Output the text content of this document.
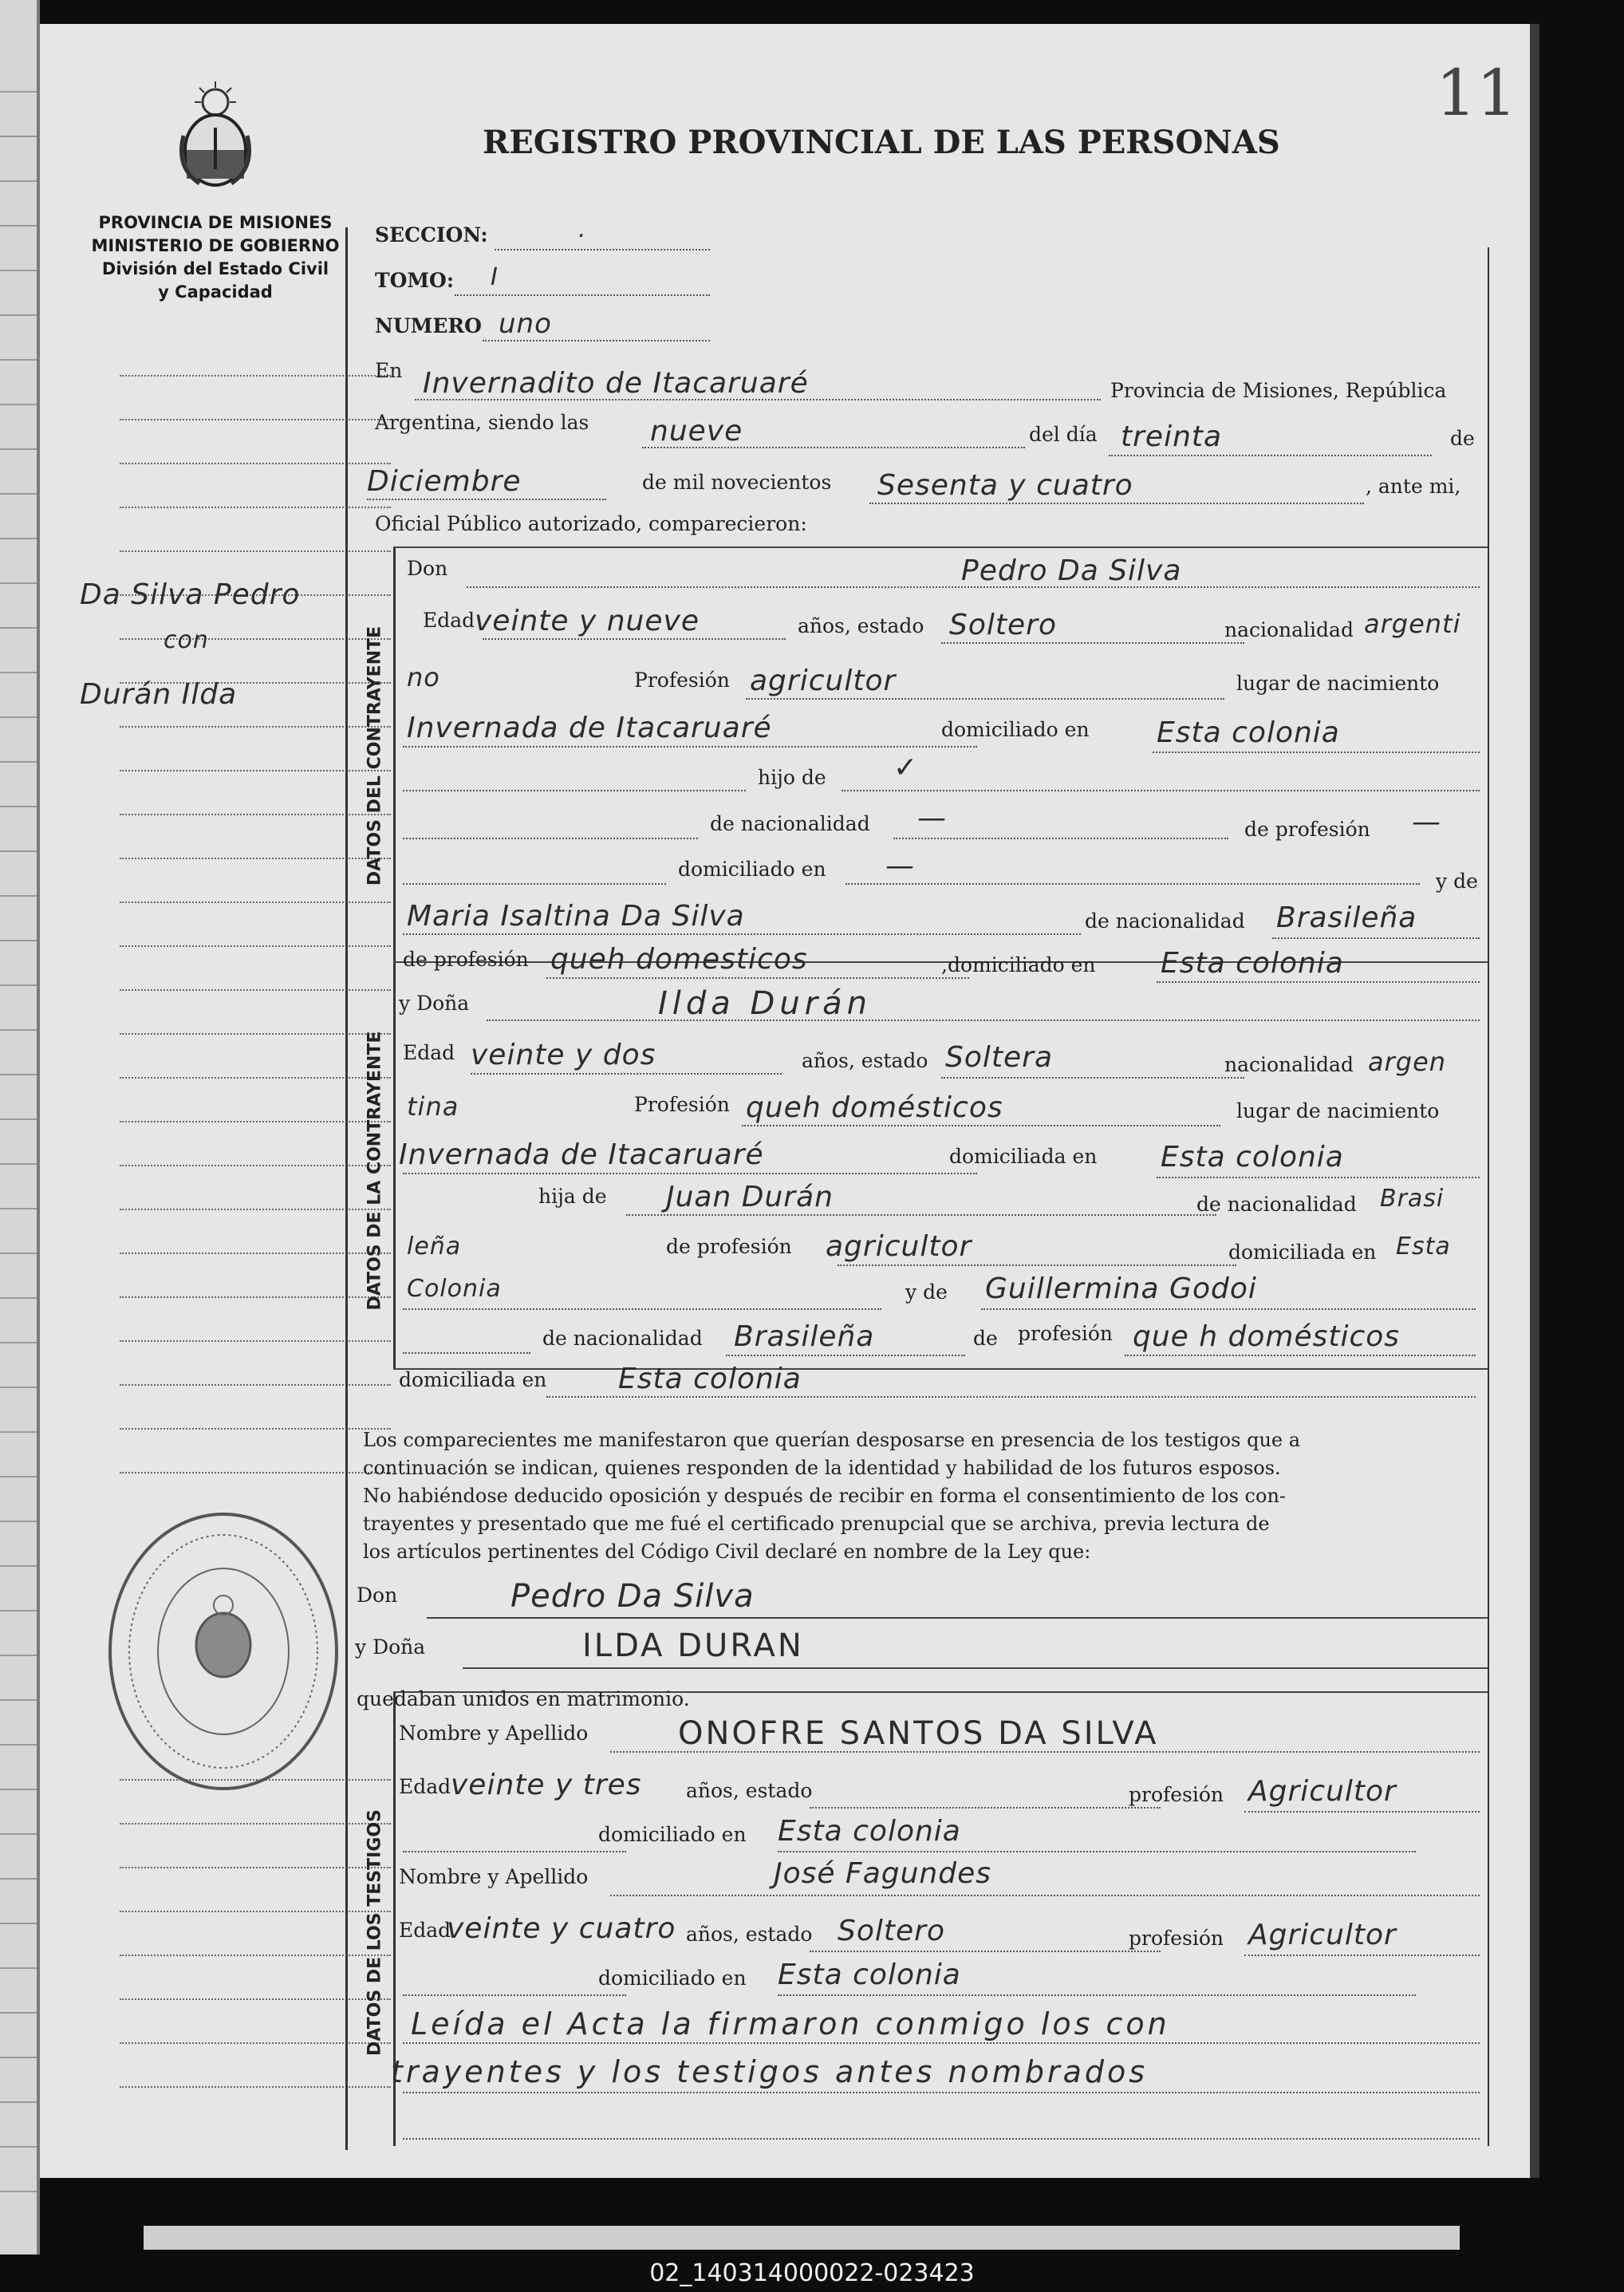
11
REGISTRO PROVINCIAL DE LAS PERSONAS
PROVINCIA DE MISIONES
MINISTERIO DE GOBIERNO
División del Estado Civil
y Capacidad
Da Silva Pedro
con
Durán Ilda
SECCION:	.
TOMO: I
NUMERO uno
En Invernadito de Itacaruaré	Provincia de Misiones, República
Argentina, siendo las nueve	del día treinta	de
Diciembre	de mil novecientos Sesenta y cuatro	, ante mi,
Oficial Público autorizado, comparecieron:
DATOS DEL CONTRAYENTE
Don	Pedro Da Silva
Edad veinte y nueve	años, estado Soltero	nacionalidad argenti
no	Profesión agricultor	lugar de nacimiento
Invernada de Itacaruaré	domiciliado en Esta colonia
hijo de ✓
de nacionalidad —	de profesión —
domiciliado en —	y de
Maria Isaltina Da Silva	de nacionalidad Brasileña
de profesión queh domesticos	,domiciliado en Esta colonia
DATOS DE LA CONTRAYENTE
y Doña	Ilda Durán
Edad veinte y dos	años, estado Soltera	nacionalidad argen
tina	Profesión queh domésticos	lugar de nacimiento
Invernada de Itacaruaré	domiciliada en Esta colonia
hija de Juan Durán	de nacionalidad Brasi
leña	de profesión agricultor	domiciliada en Esta
Colonia	y de Guillermina Godoi
de nacionalidad Brasileña	de profesión que h domésticos
domiciliada en Esta colonia
Los comparecientes me manifestaron que querían desposarse en presencia de los testigos que a
continuación se indican, quienes responden de la identidad y habilidad de los futuros esposos.
No habiéndose deducido oposición y después de recibir en forma el consentimiento de los con-
trayentes y presentado que me fué el certificado prenupcial que se archiva, previa lectura de
los artículos pertinentes del Código Civil declaré en nombre de la Ley que:
Don	Pedro Da Silva
y Doña	ILDA DURAN
quedaban unidos en matrimonio.
DATOS DE LOS TESTIGOS
Nombre y Apellido	ONOFRE SANTOS DA SILVA
Edad veinte y tres años, estado	profesión Agricultor
domiciliado en Esta colonia
Nombre y Apellido	José Fagundes
Edad
veinte y cuatro años, estado Soltero	profesión Agricultor
domiciliado en Esta colonia
Leída el Acta la firmaron conmigo los con
trayentes y los testigos antes nombrados
02_140314000022-023423
